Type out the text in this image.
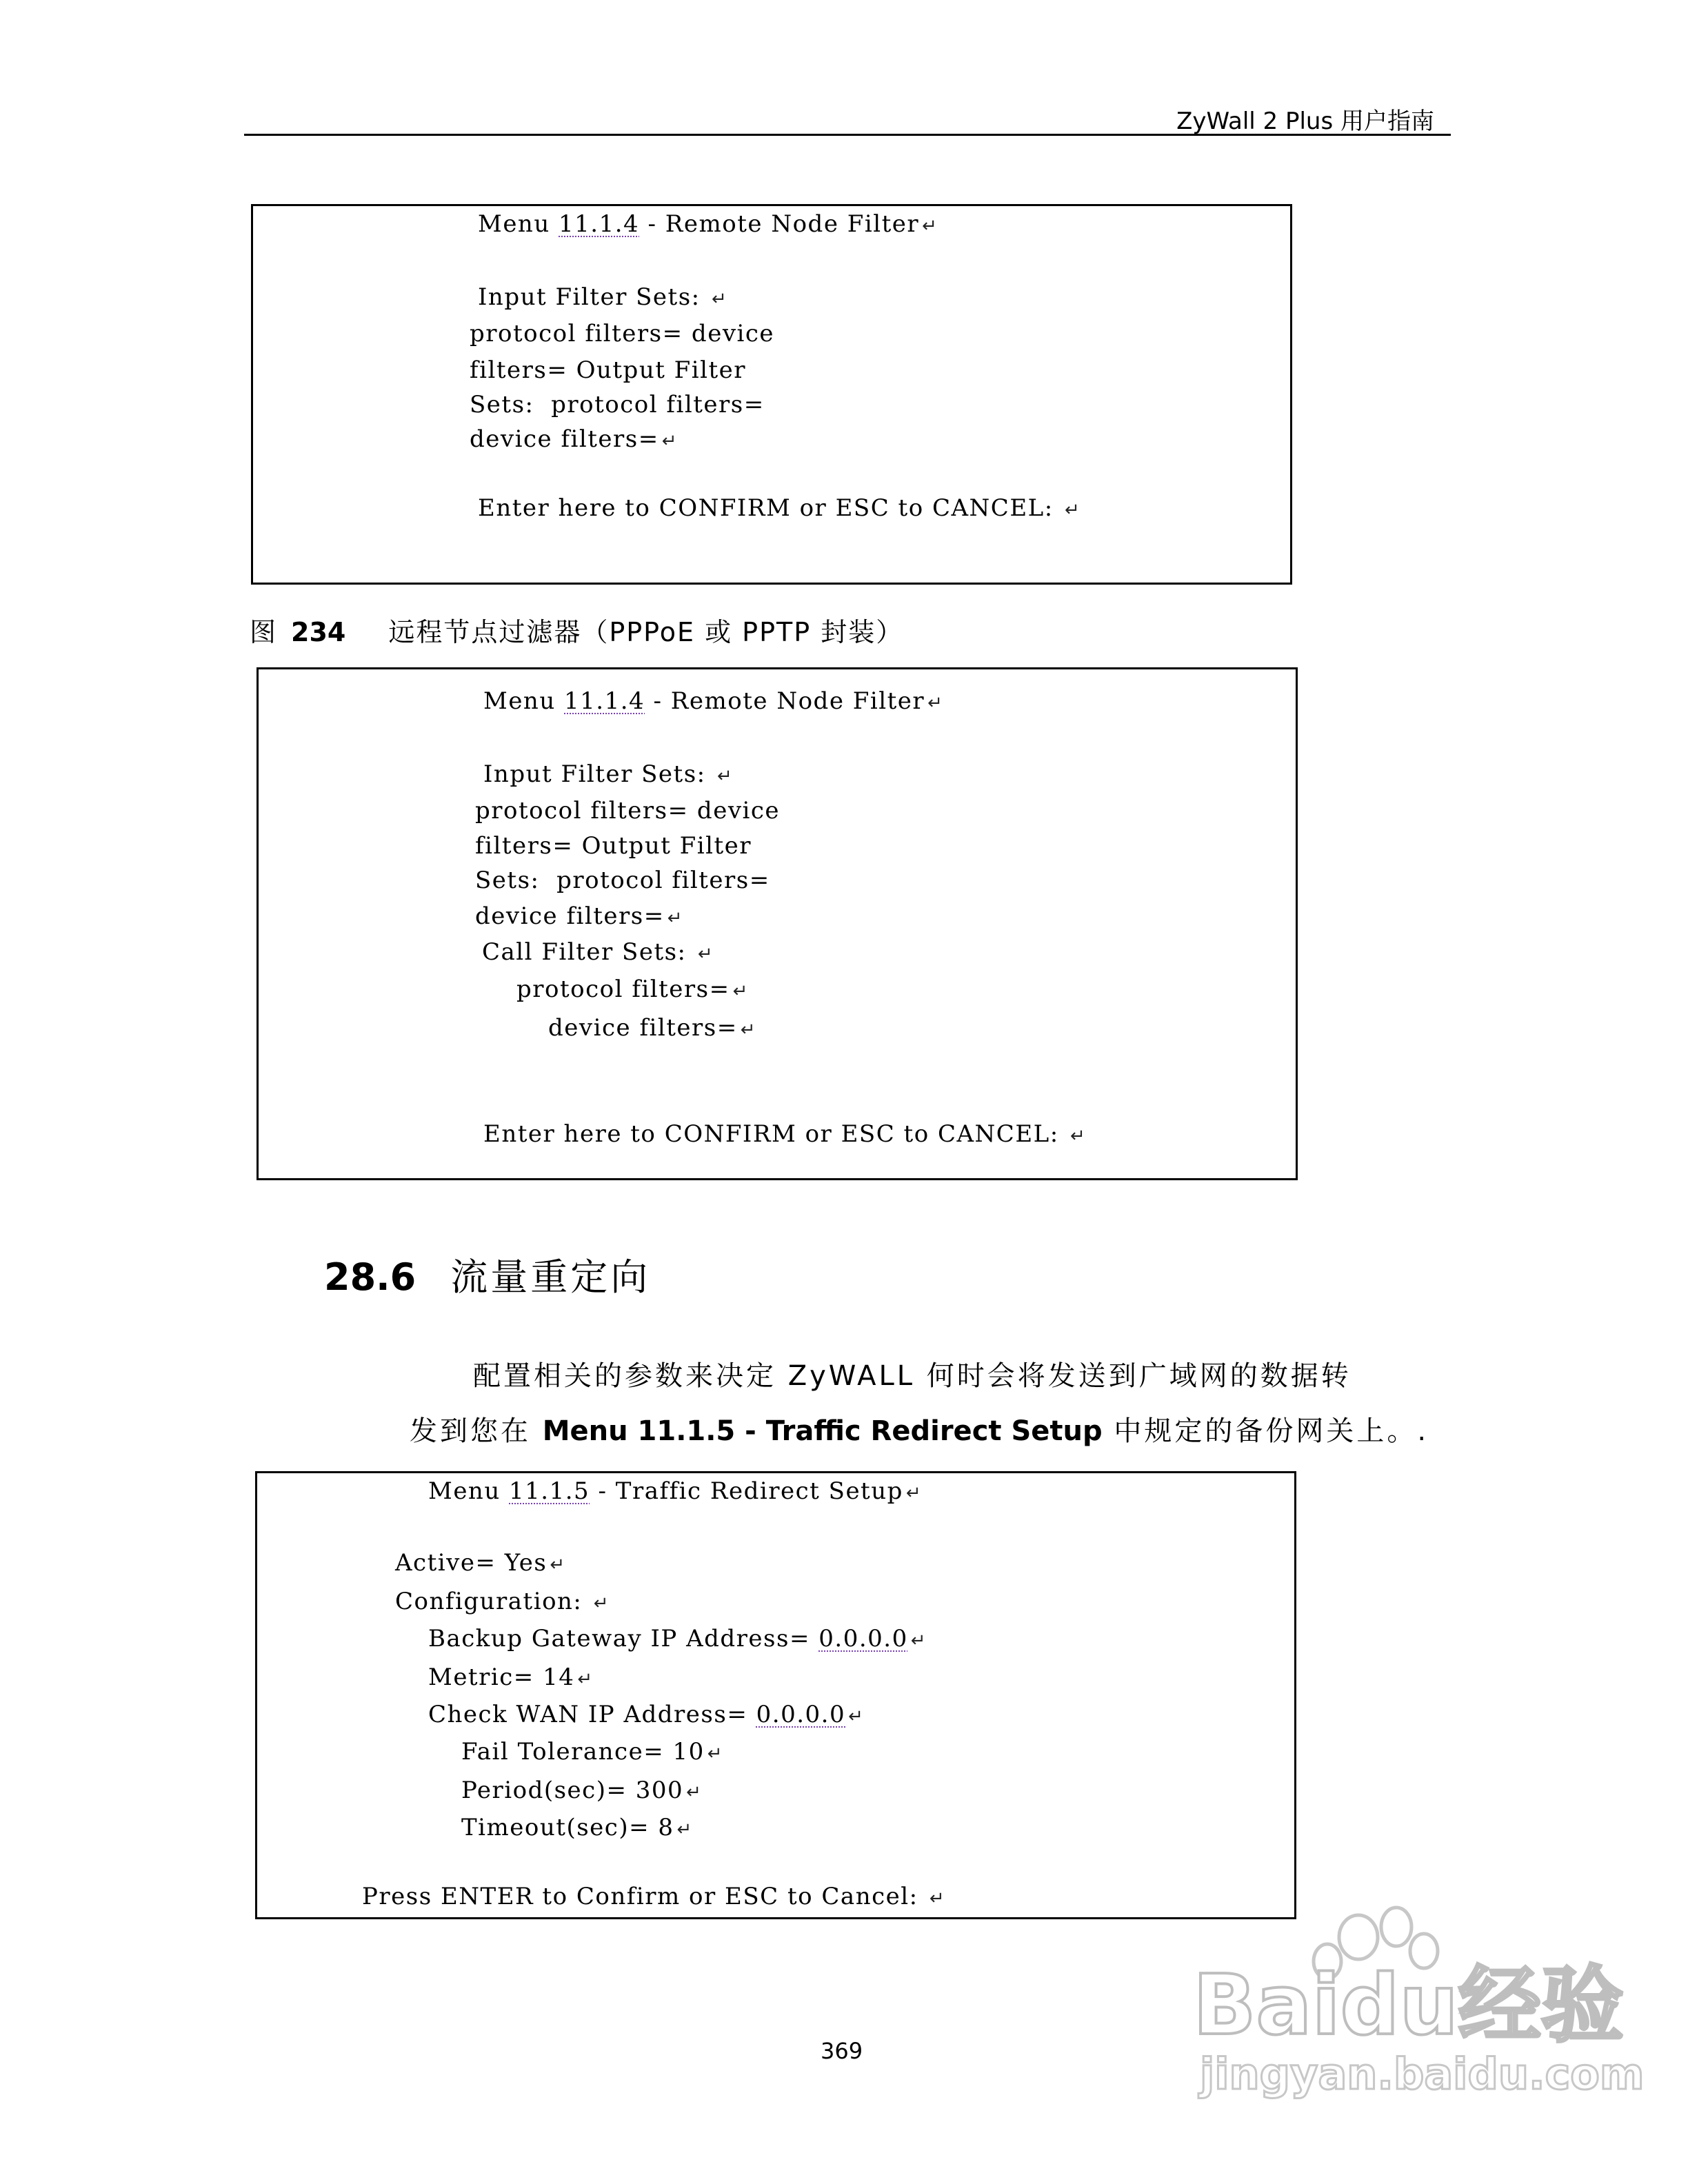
ZyWall 2 Plus 用户指南
Menu 11.1.4 - Remote Node Filter ↵
Input Filter Sets: ↵
protocol filters= device
filters= Output Filter
Sets:  protocol filters=
device filters= ↵
Enter here to CONFIRM or ESC to CANCEL: ↵
图 234 远程节点过滤器（PPPoE 或 PPTP 封装）
Menu 11.1.4 - Remote Node Filter ↵
Input Filter Sets: ↵
protocol filters= device
filters= Output Filter
Sets:  protocol filters=
device filters= ↵
Call Filter Sets: ↵
protocol filters= ↵
device filters= ↵
Enter here to CONFIRM or ESC to CANCEL: ↵
28.6 流量重定向
配置相关的参数来决定 ZyWALL 何时会将发送到广域网的数据转
发到您在 Menu 11.1.5 - Traffic Redirect Setup 中规定的备份网关上。.
Menu 11.1.5 - Traffic Redirect Setup ↵
Active= Yes ↵
Configuration: ↵
Backup Gateway IP Address= 0.0.0.0 ↵
Metric= 14 ↵
Check WAN IP Address= 0.0.0.0 ↵
Fail Tolerance= 10 ↵
Period(sec)= 300 ↵
Timeout(sec)= 8 ↵
Press ENTER to Confirm or ESC to Cancel: ↵
369	Baidu经验
jingyan.baidu.com
